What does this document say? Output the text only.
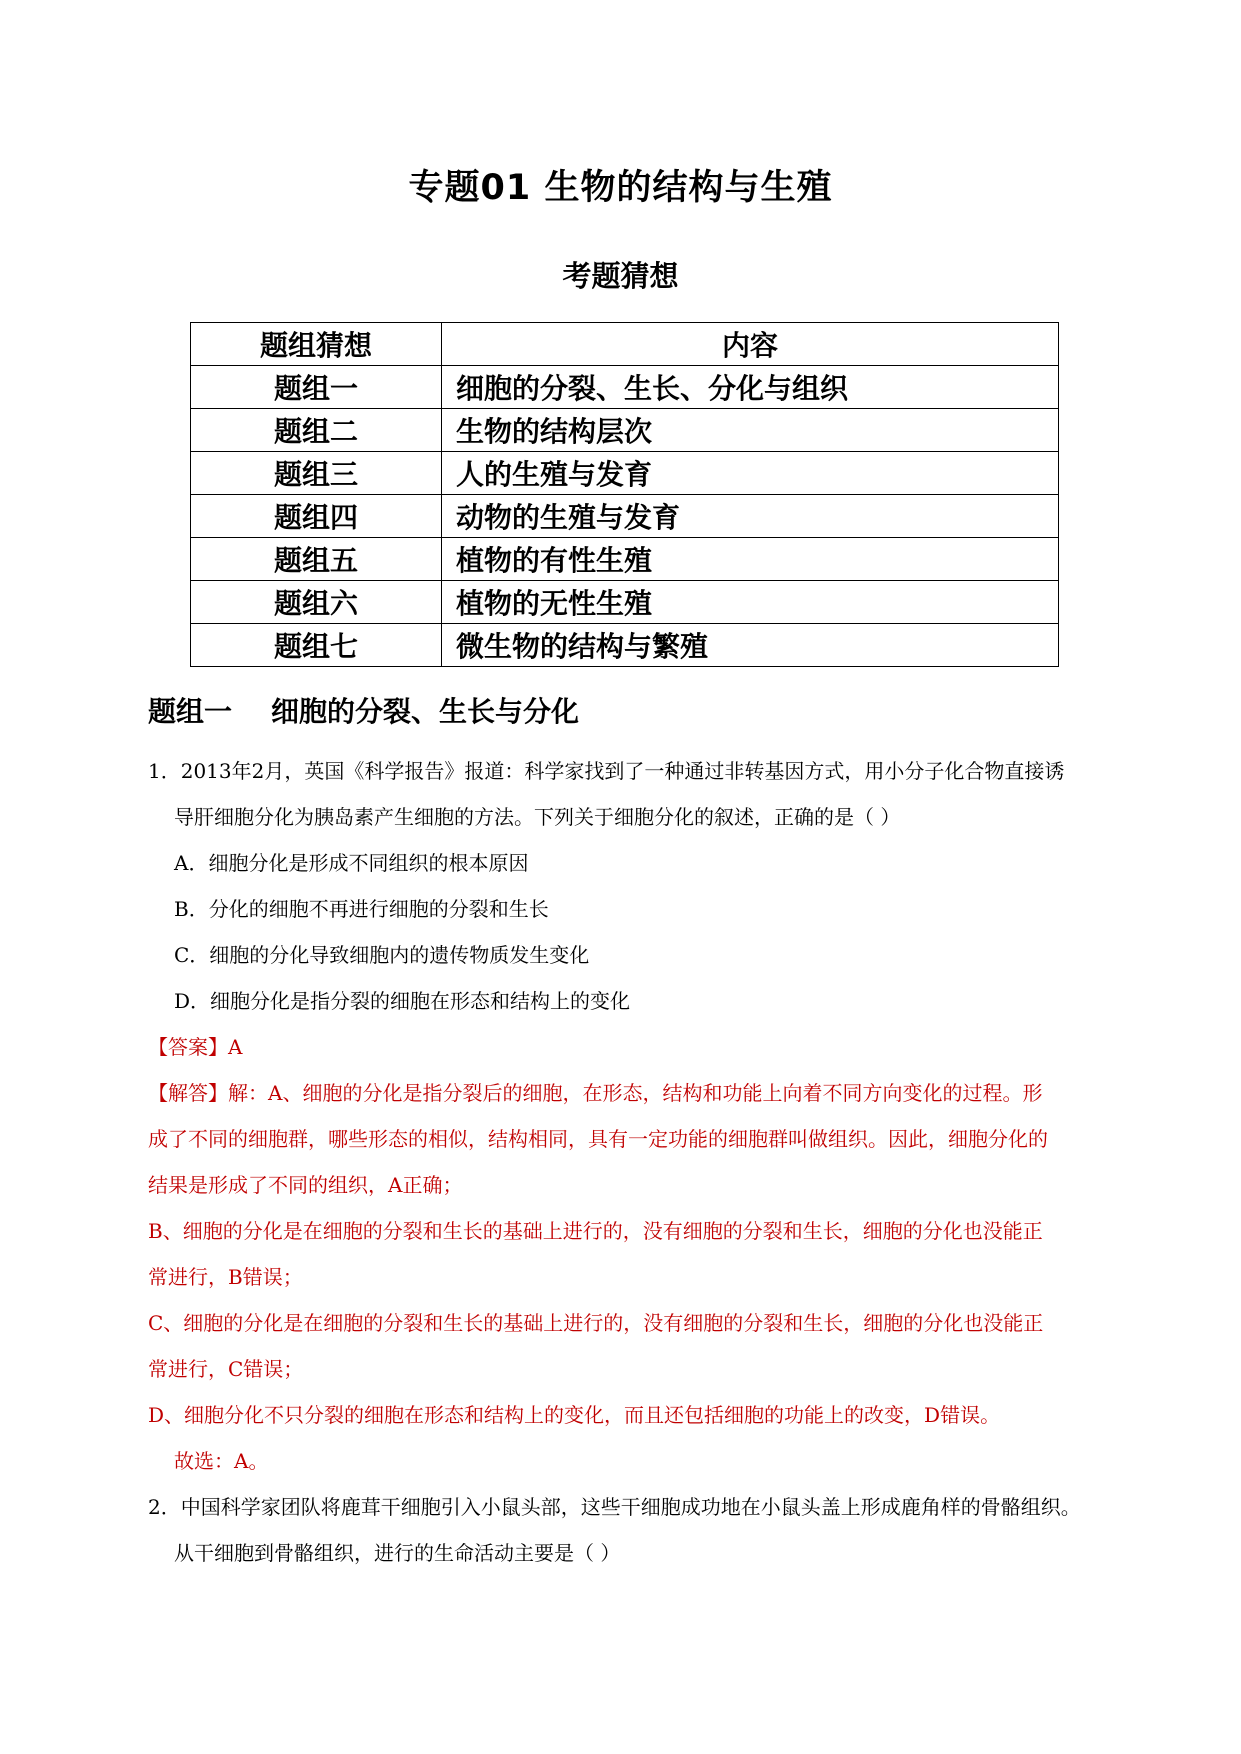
专题01 生物的结构与生殖
考题猜想
题组猜想	内容
题组一	细胞的分裂、生长、分化与组织
题组二	生物的结构层次
题组三	人的生殖与发育
题组四	动物的生殖与发育
题组五	植物的有性生殖
题组六	植物的无性生殖
题组七	微生物的结构与繁殖
题组一    细胞的分裂、生长与分化
1．2013年2月，英国《科学报告》报道：科学家找到了一种通过非转基因方式，用小分子化合物直接诱
导肝细胞分化为胰岛素产生细胞的方法。下列关于细胞分化的叙述，正确的是（ ）
A．细胞分化是形成不同组织的根本原因
B．分化的细胞不再进行细胞的分裂和生长
C．细胞的分化导致细胞内的遗传物质发生变化
D．细胞分化是指分裂的细胞在形态和结构上的变化
【答案】A
【解答】解：A、细胞的分化是指分裂后的细胞，在形态，结构和功能上向着不同方向变化的过程。形
成了不同的细胞群，哪些形态的相似，结构相同，具有一定功能的细胞群叫做组织。因此，细胞分化的
结果是形成了不同的组织，A正确；
B、细胞的分化是在细胞的分裂和生长的基础上进行的，没有细胞的分裂和生长，细胞的分化也没能正
常进行，B错误；
C、细胞的分化是在细胞的分裂和生长的基础上进行的，没有细胞的分裂和生长，细胞的分化也没能正
常进行，C错误；
D、细胞分化不只分裂的细胞在形态和结构上的变化，而且还包括细胞的功能上的改变，D错误。
故选：A。
2．中国科学家团队将鹿茸干细胞引入小鼠头部，这些干细胞成功地在小鼠头盖上形成鹿角样的骨骼组织。
从干细胞到骨骼组织，进行的生命活动主要是（ ）
